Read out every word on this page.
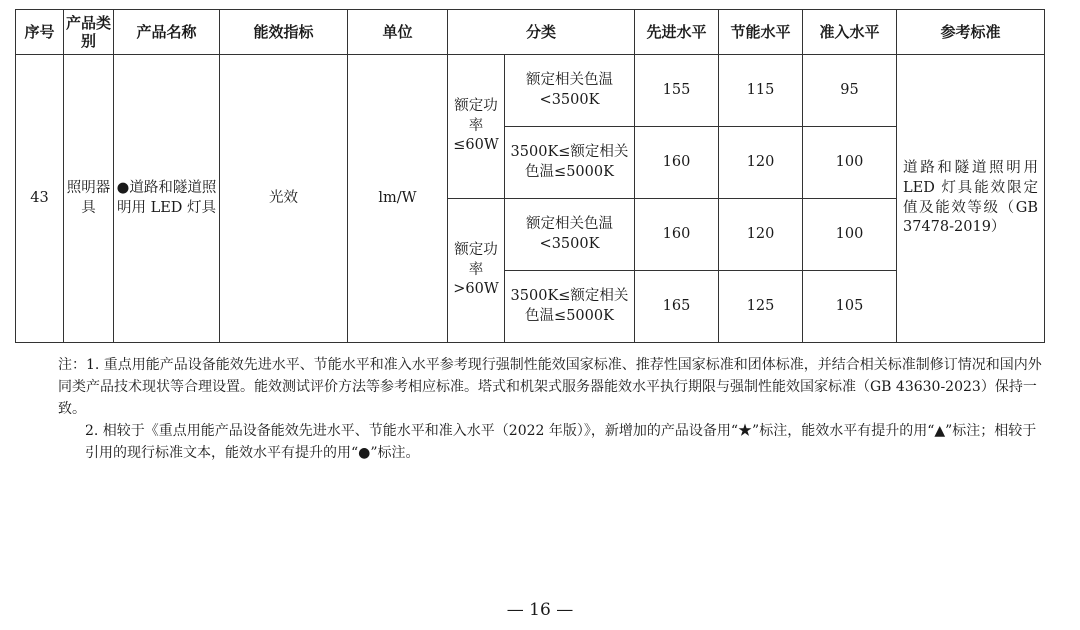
序号	产品类别	产品名称	能效指标	单位	分类		先进水平	节能水平	准入水平	参考标准
43	照明器具	●道路和隧道照明用 LED 灯具	光效	lm/W	额定功率≤60W	额定相关色温<3500K	155	115	95	道路和隧道照明用 LED 灯具能效限定值及能效等级（GB 37478-2019）
						3500K≤额定相关色温≤5000K	160	120	100	
					额定功率>60W	额定相关色温<3500K	160	120	100	
						3500K≤额定相关色温≤5000K	165	125	105	

注：1. 重点用能产品设备能效先进水平、节能水平和准入水平参考现行强制性能效国家标准、推荐性国家标准和团体标准，并结合相关标准制修订情况和国内外同类产品技术现状等合理设置。能效测试评价方法等参考相应标准。塔式和机架式服务器能效水平执行期限与强制性能效国家标准（GB 43630-2023）保持一致。

2. 相较于《重点用能产品设备能效先进水平、节能水平和准入水平（2022 年版）》，新增加的产品设备用“★”标注，能效水平有提升的用“▲”标注；相较于引用的现行标准文本，能效水平有提升的用“●”标注。

— 16 —
